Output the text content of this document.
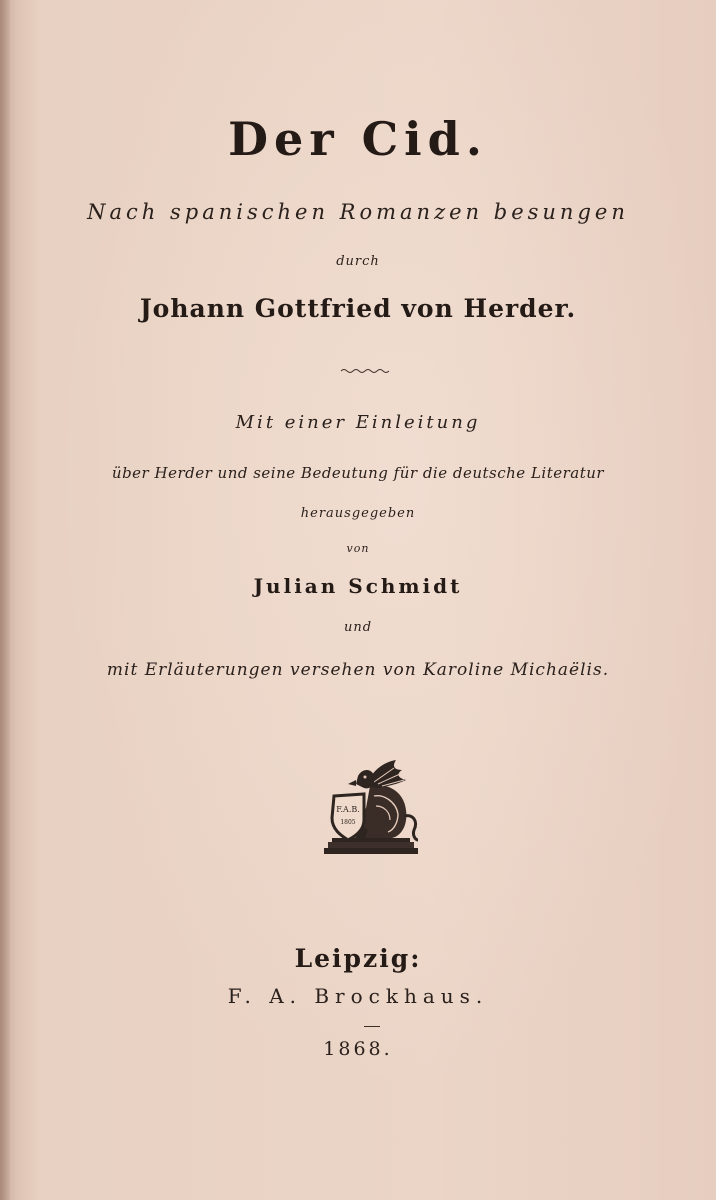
Der Cid.
Nach spanischen Romanzen besungen
durch
Johann Gottfried von Herder.
Mit einer Einleitung
über Herder und seine Bedeutung für die deutsche Literatur
herausgegeben
von
Julian Schmidt
und
mit Erläuterungen versehen von Karoline Michaëlis.
F.A.B.
1805
Leipzig:
F. A. Brockhaus.
1868.
